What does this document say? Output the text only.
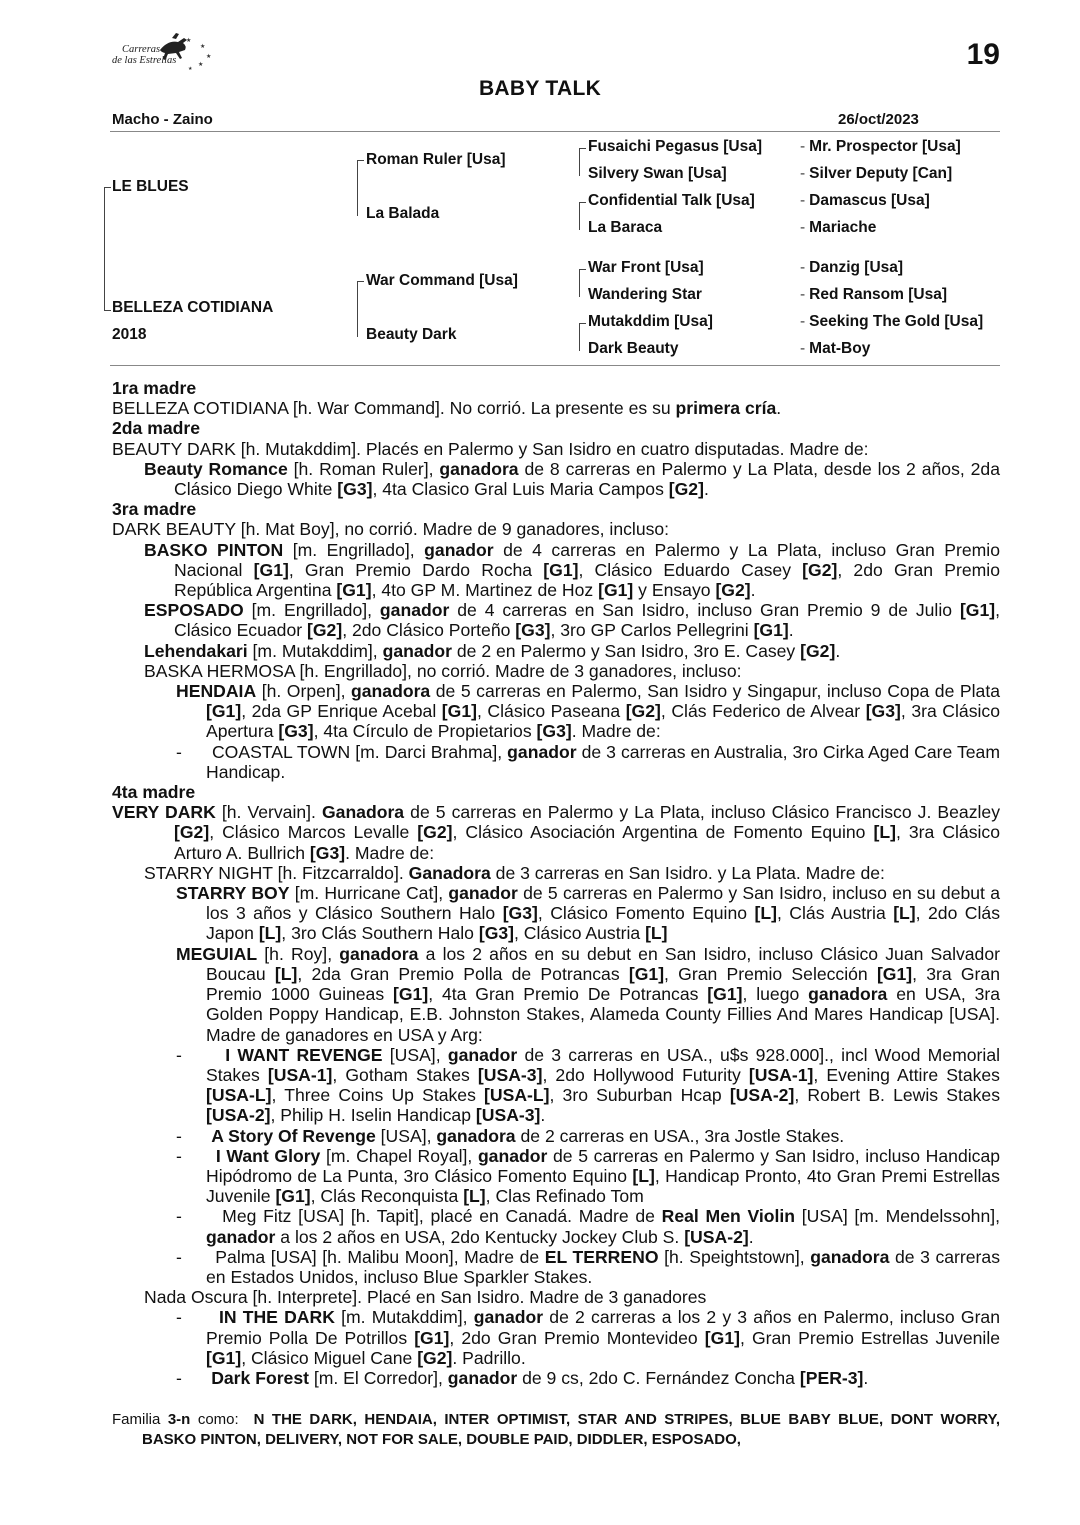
★
★
★
★
★
Carreras
de las Estrellas	19
BABY TALK
Macho - Zaino	26/oct/2023
LE BLUES
BELLEZA COTIDIANA
2018
Roman Ruler [Usa]
La Balada
War Command [Usa]
Beauty Dark
Fusaichi Pegasus [Usa]
Silvery Swan [Usa]
Confidential Talk [Usa]
La Baraca
War Front [Usa]
Wandering Star
Mutakddim [Usa]
Dark Beauty
- Mr. Prospector [Usa]
- Silver Deputy [Can]
- Damascus [Usa]
- Mariache
- Danzig [Usa]
- Red Ransom [Usa]
- Seeking The Gold [Usa]
- Mat-Boy

1ra madre

BELLEZA COTIDIANA [h. War Command]. No corrió. La presente es su primera cría.

2da madre

BEAUTY DARK [h. Mutakddim]. Placés en Palermo y San Isidro en cuatro disputadas. Madre de:

Beauty Romance [h. Roman Ruler], ganadora de 8 carreras en Palermo y La Plata, desde los 2 años, 2da Clásico Diego White [G3], 4ta Clasico Gral Luis Maria Campos [G2].

3ra madre

DARK BEAUTY [h. Mat Boy], no corrió. Madre de 9 ganadores, incluso:

BASKO PINTON [m. Engrillado], ganador de 4 carreras en Palermo y La Plata, incluso Gran Premio Nacional [G1], Gran Premio Dardo Rocha [G1], Clásico Eduardo Casey [G2], 2do Gran Premio República Argentina [G1], 4to GP M. Martinez de Hoz [G1] y Ensayo [G2].

ESPOSADO [m. Engrillado], ganador de 4 carreras en San Isidro, incluso Gran Premio 9 de Julio [G1], Clásico Ecuador [G2], 2do Clásico Porteño [G3], 3ro GP Carlos Pellegrini [G1].

Lehendakari [m. Mutakddim], ganador de 2 en Palermo y San Isidro, 3ro E. Casey [G2].

BASKA HERMOSA [h. Engrillado], no corrió. Madre de 3 ganadores, incluso:

HENDAIA [h. Orpen], ganadora de 5 carreras en Palermo, San Isidro y Singapur, incluso Copa de Plata [G1], 2da GP Enrique Acebal [G1], Clásico Paseana [G2], Clás Federico de Alvear [G3], 3ra Clásico Apertura [G3], 4ta Círculo de Propietarios [G3]. Madre de:

-      COASTAL TOWN [m. Darci Brahma], ganador de 3 carreras en Australia, 3ro Cirka Aged Care Team Handicap.

4ta madre

VERY DARK [h. Vervain]. Ganadora de 5 carreras en Palermo y La Plata, incluso Clásico Francisco J. Beazley [G2], Clásico Marcos Levalle [G2], Clásico Asociación Argentina de Fomento Equino [L], 3ra Clásico Arturo A. Bullrich [G3]. Madre de:

STARRY NIGHT [h. Fitzcarraldo]. Ganadora de 3 carreras en San Isidro. y La Plata. Madre de:

STARRY BOY [m. Hurricane Cat], ganador de 5 carreras en Palermo y San Isidro, incluso en su debut a los 3 años y Clásico Southern Halo [G3], Clásico Fomento Equino [L], Clás Austria [L], 2do Clás Japon [L], 3ro Clás Southern Halo [G3], Clásico Austria [L]

MEGUIAL [h. Roy], ganadora a los 2 años en su debut en San Isidro, incluso Clásico Juan Salvador Boucau [L], 2da Gran Premio Polla de Potrancas [G1], Gran Premio Selección [G1], 3ra Gran Premio 1000 Guineas [G1], 4ta Gran Premio De Potrancas [G1], luego ganadora en USA, 3ra Golden Poppy Handicap, E.B. Johnston Stakes, Alameda County Fillies And Mares Handicap [USA]. Madre de ganadores en USA y Arg:

-      I WANT REVENGE [USA], ganador de 3 carreras en USA., u$s 928.000]., incl Wood Memorial Stakes [USA-1], Gotham Stakes [USA-3], 2do Hollywood Futurity [USA-1], Evening Attire Stakes [USA-L], Three Coins Up Stakes [USA-L], 3ro Suburban Hcap [USA-2], Robert B. Lewis Stakes [USA-2], Philip H. Iselin Handicap [USA-3].

-      A Story Of Revenge [USA], ganadora de 2 carreras en USA., 3ra Jostle Stakes.

-      I Want Glory [m. Chapel Royal], ganador de 5 carreras en Palermo y San Isidro, incluso Handicap Hipódromo de La Punta, 3ro Clásico Fomento Equino [L], Handicap Pronto, 4to Gran Premi Estrellas Juvenile [G1], Clás Reconquista [L], Clas Refinado Tom

-      Meg Fitz [USA] [h. Tapit], placé en Canadá. Madre de Real Men Violin [USA] [m. Mendelssohn], ganador a los 2 años en USA, 2do Kentucky Jockey Club S. [USA-2].

-      Palma [USA] [h. Malibu Moon], Madre de EL TERRENO [h. Speightstown], ganadora de 3 carreras en Estados Unidos, incluso Blue Sparkler Stakes.

Nada Oscura [h. Interprete]. Placé en San Isidro. Madre de 3 ganadores

-      IN THE DARK [m. Mutakddim], ganador de 2 carreras a los 2 y 3 años en Palermo, incluso Gran Premio Polla De Potrillos [G1], 2do Gran Premio Montevideo [G1], Gran Premio Estrellas Juvenile [G1], Clásico Miguel Cane [G2]. Padrillo.

-      Dark Forest [m. El Corredor], ganador de 9 cs, 2do C. Fernández Concha [PER-3].

Familia 3-n como: N THE DARK, HENDAIA, INTER OPTIMIST, STAR AND STRIPES, BLUE BABY BLUE, DONT WORRY, BASKO PINTON, DELIVERY, NOT FOR SALE, DOUBLE PAID, DIDDLER, ESPOSADO,
